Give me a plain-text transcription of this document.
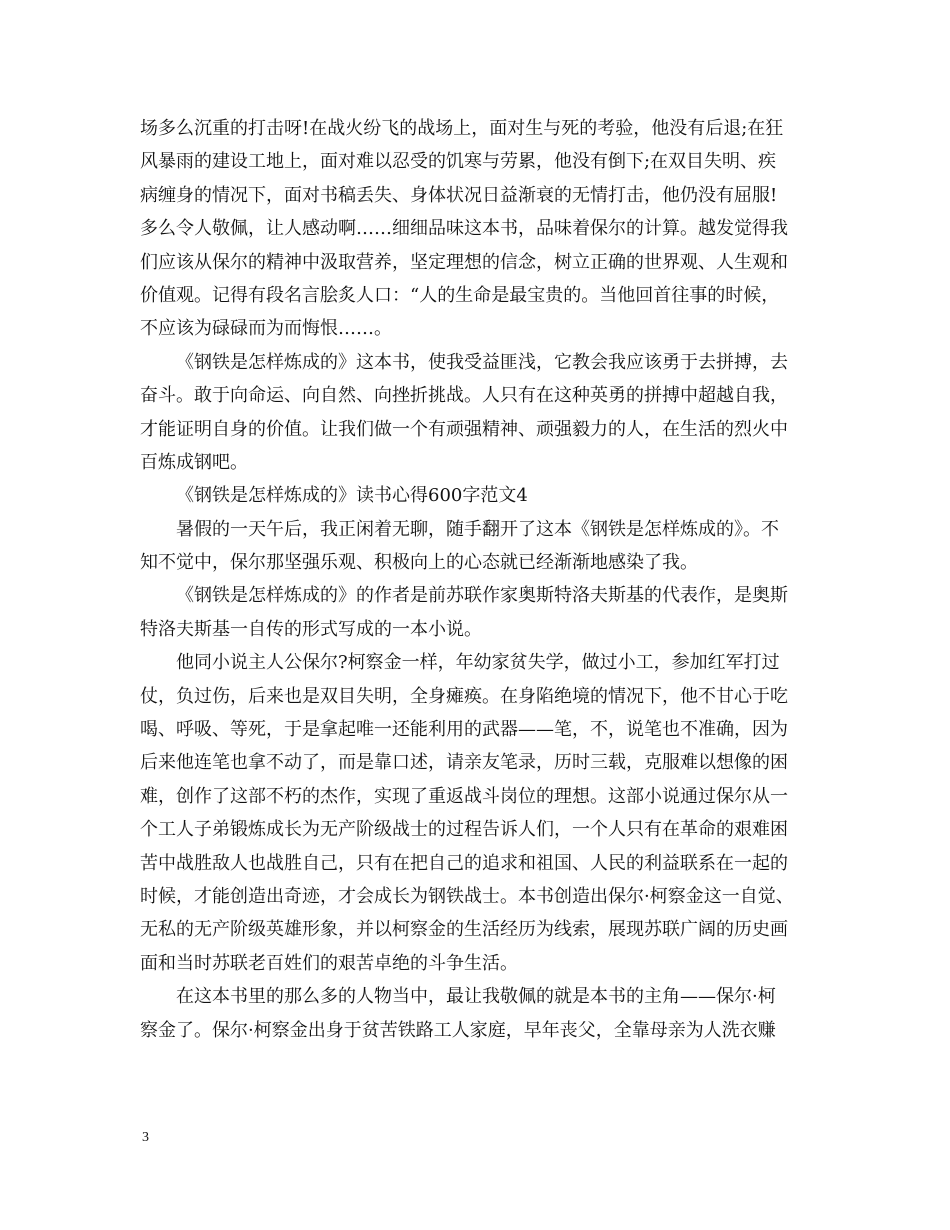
场多么沉重的打击呀!在战火纷飞的战场上，面对生与死的考验，他没有后退;在狂
风暴雨的建设工地上，面对难以忍受的饥寒与劳累，他没有倒下;在双目失明、疾
病缠身的情况下，面对书稿丢失、身体状况日益渐衰的无情打击，他仍没有屈服!
多么令人敬佩，让人感动啊……细细品味这本书，品味着保尔的计算。越发觉得我
们应该从保尔的精神中汲取营养，坚定理想的信念，树立正确的世界观、人生观和
价值观。记得有段名言脍炙人口：“人的生命是最宝贵的。当他回首往事的时候，
不应该为碌碌而为而悔恨……。
《钢铁是怎样炼成的》这本书，使我受益匪浅，它教会我应该勇于去拼搏，去
奋斗。敢于向命运、向自然、向挫折挑战。人只有在这种英勇的拼搏中超越自我，
才能证明自身的价值。让我们做一个有顽强精神、顽强毅力的人，在生活的烈火中
百炼成钢吧。
《钢铁是怎样炼成的》读书心得600字范文4
暑假的一天午后，我正闲着无聊，随手翻开了这本《钢铁是怎样炼成的》。不
知不觉中，保尔那坚强乐观、积极向上的心态就已经渐渐地感染了我。
《钢铁是怎样炼成的》的作者是前苏联作家奥斯特洛夫斯基的代表作，是奥斯
特洛夫斯基一自传的形式写成的一本小说。
他同小说主人公保尔?柯察金一样，年幼家贫失学，做过小工，参加红军打过
仗，负过伤，后来也是双目失明，全身瘫痪。在身陷绝境的情况下，他不甘心于吃
喝、呼吸、等死，于是拿起唯一还能利用的武器——笔，不，说笔也不准确，因为
后来他连笔也拿不动了，而是靠口述，请亲友笔录，历时三载，克服难以想像的困
难，创作了这部不朽的杰作，实现了重返战斗岗位的理想。这部小说通过保尔从一
个工人子弟锻炼成长为无产阶级战士的过程告诉人们，一个人只有在革命的艰难困
苦中战胜敌人也战胜自己，只有在把自己的追求和祖国、人民的利益联系在一起的
时候，才能创造出奇迹，才会成长为钢铁战士。本书创造出保尔·柯察金这一自觉、
无私的无产阶级英雄形象，并以柯察金的生活经历为线索，展现苏联广阔的历史画
面和当时苏联老百姓们的艰苦卓绝的斗争生活。
在这本书里的那么多的人物当中，最让我敬佩的就是本书的主角——保尔·柯
察金了。保尔·柯察金出身于贫苦铁路工人家庭，早年丧父，全靠母亲为人洗衣赚
3
